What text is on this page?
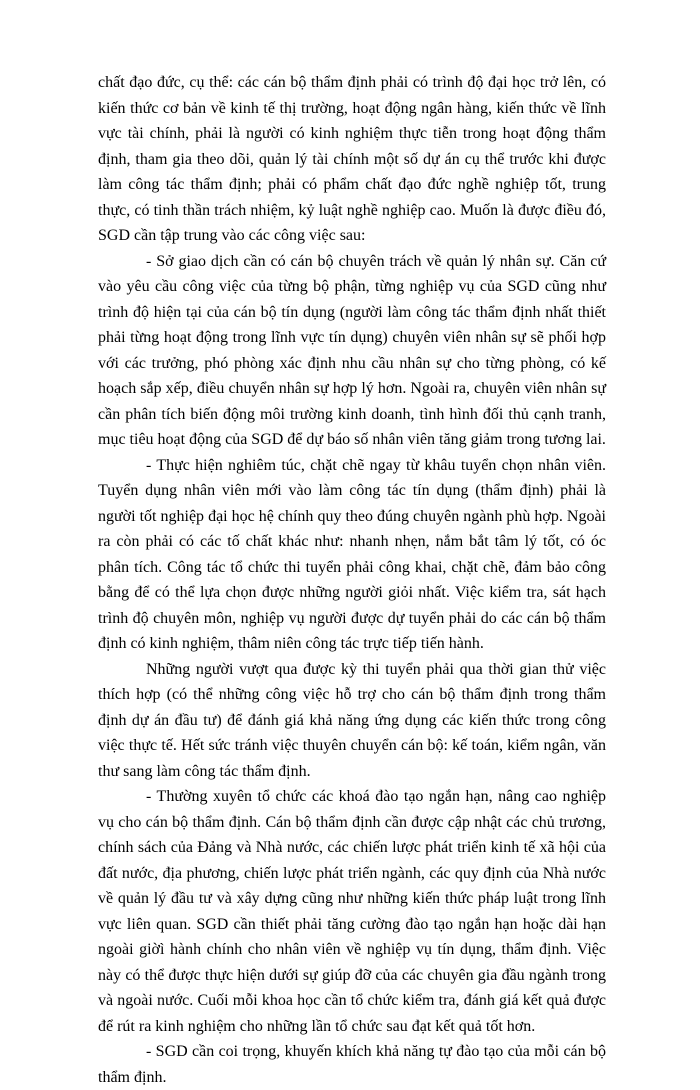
chất đạo đức, cụ thể: các cán bộ thẩm định phải có trình độ đại học trở lên, có kiến thức cơ bản về kinh tế thị trường, hoạt động ngân hàng, kiến thức về lĩnh vực tài chính, phải là người có kinh nghiệm thực tiễn trong hoạt động thẩm định, tham gia theo dõi, quản lý tài chính một số dự án cụ thể trước khi được làm công tác thẩm định; phải có phẩm chất đạo đức nghề nghiệp tốt, trung thực, có tinh thần trách nhiệm, kỷ luật nghề nghiệp cao. Muốn là được điều đó, SGD cần tập trung vào các công việc sau:

- Sở giao dịch cần có cán bộ chuyên trách về quản lý nhân sự. Căn cứ vào yêu cầu công việc của từng bộ phận, từng nghiệp vụ của SGD cũng như trình độ hiện tại của cán bộ tín dụng (người làm công tác thẩm định nhất thiết phải từng hoạt động trong lĩnh vực tín dụng) chuyên viên nhân sự sẽ phối hợp với các trưởng, phó phòng xác định nhu cầu nhân sự cho từng phòng, có kế hoạch sắp xếp, điều chuyển nhân sự hợp lý hơn. Ngoài ra, chuyên viên nhân sự cần phân tích biến động môi trường kinh doanh, tình hình đối thủ cạnh tranh, mục tiêu hoạt động của SGD để dự báo số nhân viên tăng giảm trong tương lai.

- Thực hiện nghiêm túc, chặt chẽ ngay từ khâu tuyển chọn nhân viên. Tuyển dụng nhân viên mới vào làm công tác tín dụng (thẩm định) phải là người tốt nghiệp đại học hệ chính quy theo đúng chuyên ngành phù hợp. Ngoài ra còn phải có các tố chất khác như: nhanh nhẹn, nắm bắt tâm lý tốt, có óc phân tích. Công tác tổ chức thi tuyển phải công khai, chặt chẽ, đảm bảo công bằng để có thể lựa chọn được những người giỏi nhất. Việc kiểm tra, sát hạch trình độ chuyên môn, nghiệp vụ người được dự tuyển phải do các cán bộ thẩm định có kinh nghiệm, thâm niên công tác trực tiếp tiến hành.

Những người vượt qua được kỳ thi tuyển phải qua thời gian thử việc thích hợp (có thể những công việc hỗ trợ cho cán bộ thẩm định trong thẩm định dự án đầu tư) để đánh giá khả năng ứng dụng các kiến thức trong công việc thực tế. Hết sức tránh việc thuyên chuyển cán bộ: kế toán, kiểm ngân, văn thư sang làm công tác thẩm định.

- Thường xuyên tổ chức các khoá đào tạo ngắn hạn, nâng cao nghiệp vụ cho cán bộ thẩm định. Cán bộ thẩm định cần được cập nhật các chủ trương, chính sách của Đảng và Nhà nước, các chiến lược phát triển kinh tế xã hội của đất nước, địa phương, chiến lược phát triển ngành, các quy định của Nhà nước về quản lý đầu tư và xây dựng cũng như những kiến thức pháp luật trong lĩnh vực liên quan. SGD cần thiết phải tăng cường đào tạo ngắn hạn hoặc dài hạn ngoài giờì hành chính cho nhân viên về nghiệp vụ tín dụng, thẩm định. Việc này có thể được thực hiện dưới sự giúp đỡ của các chuyên gia đầu ngành trong và ngoài nước. Cuối mỗi khoa học cần tổ chức kiểm tra, đánh giá kết quả được để rút ra kinh nghiệm cho những lần tổ chức sau đạt kết quả tốt hơn.

- SGD cần coi trọng, khuyến khích khả năng tự đào tạo của mỗi cán bộ thẩm định.
